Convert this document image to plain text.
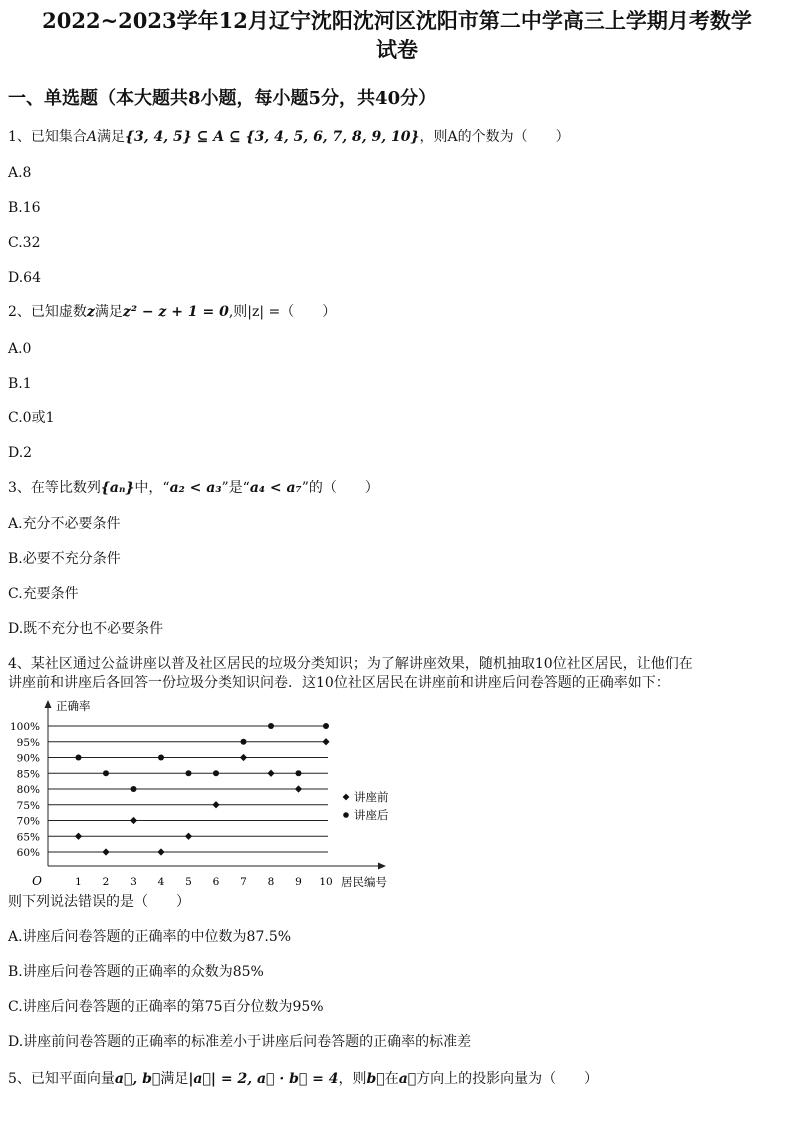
2022~2023学年12月辽宁沈阳沈河区沈阳市第二中学高三上学期月考数学
试卷
一、单选题（本大题共8小题，每小题5分，共40分）
1、已知集合A满足{3, 4, 5} ⊆ A ⊆ {3, 4, 5, 6, 7, 8, 9, 10}，则A的个数为（　　）
A.8
B.16
C.32
D.64
2、已知虚数z满足z² − z + 1 = 0,则|z| =（　　）
A.0
B.1
C.0或1
D.2
3、在等比数列{aₙ}中，“a₂ < a₃”是“a₄ < a₇”的（　　）
A.充分不必要条件
B.必要不充分条件
C.充要条件
D.既不充分也不必要条件
4、某社区通过公益讲座以普及社区居民的垃圾分类知识；为了解讲座效果，随机抽取10位社区居民，让他们在
讲座前和讲座后各回答一份垃圾分类知识问卷．这10位社区居民在讲座前和讲座后问卷答题的正确率如下：
60%
65%
70%
75%
80%
85%
90%
95%
100%
正确率
居民编号
O	1 2 3 4 5 6 7 8 9 10
讲座前
讲座后
则下列说法错误的是（　　）
A.讲座后问卷答题的正确率的中位数为87.5%
B.讲座后问卷答题的正确率的众数为85%
C.讲座后问卷答题的正确率的第75百分位数为95%
D.讲座前问卷答题的正确率的标准差小于讲座后问卷答题的正确率的标准差
5、已知平面向量a⃗, b⃗满足|a⃗| = 2, a⃗ · b⃗ = 4，则b⃗在a⃗方向上的投影向量为（　　）
